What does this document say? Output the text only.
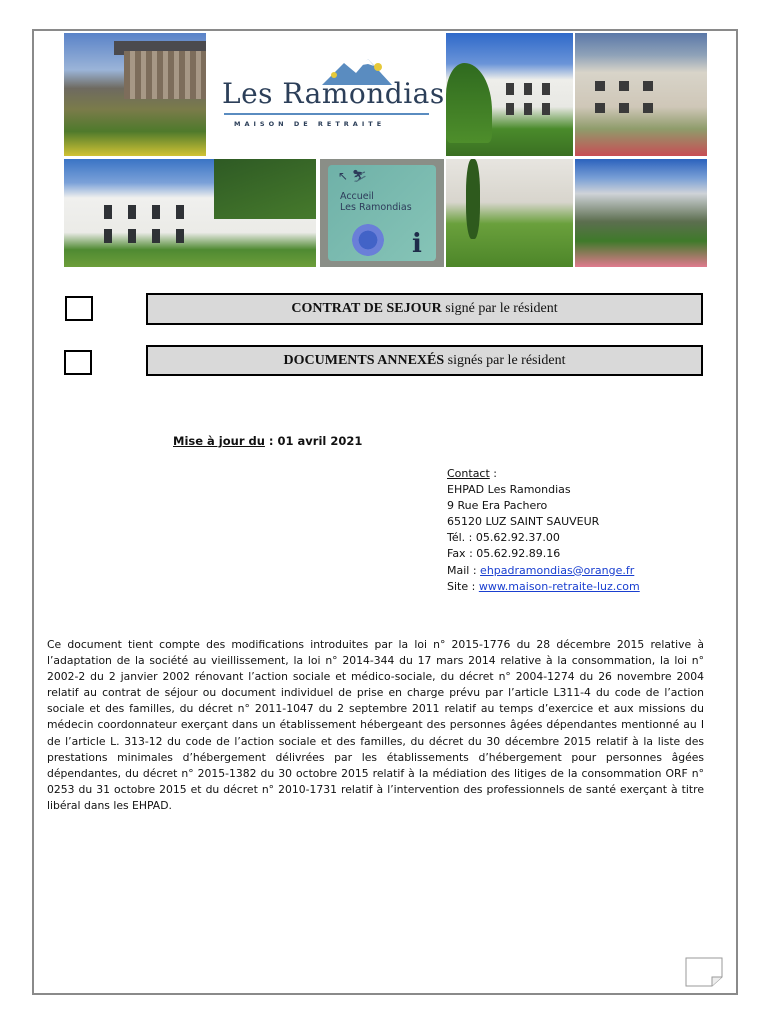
Les Ramondias
MAISON DE RETRAITE
↖ ⛷
Accueil
Les Ramondias
i
CONTRAT DE SEJOUR signé par le résident
DOCUMENTS ANNEXÉS signés par le résident
Mise à jour du : 01 avril 2021
Contact :
EHPAD Les Ramondias
9 Rue Era Pachero
65120 LUZ SAINT SAUVEUR
Tél. : 05.62.92.37.00
Fax : 05.62.92.89.16
Mail : ehpadramondias@orange.fr
Site : www.maison-retraite-luz.com
Ce document tient compte des modifications introduites par la loi n° 2015-1776 du 28 décembre 2015 relative à l’adaptation de la société au vieillissement, la loi n° 2014-344 du 17 mars 2014 relative à la consommation, la loi n° 2002-2 du 2 janvier 2002 rénovant l’action sociale et médico-sociale, du décret n° 2004-1274 du 26 novembre 2004 relatif au contrat de séjour ou document individuel de prise en charge prévu par l’article L311-4 du code de l’action sociale et des familles, du décret n° 2011-1047 du 2 septembre 2011 relatif au temps d’exercice et aux missions du médecin coordonnateur exerçant dans un établissement hébergeant des personnes âgées dépendantes mentionné au I de l’article L. 313-12 du code de l’action sociale et des familles, du décret du 30 décembre 2015 relatif à la liste des prestations minimales d’hébergement délivrées par les établissements d’hébergement pour personnes âgées dépendantes, du décret n° 2015-1382 du 30 octobre 2015 relatif à la médiation des litiges de la consommation ORF n° 0253 du 31 octobre 2015 et du décret n° 2010-1731 relatif à l’intervention des professionnels de santé exerçant à titre libéral dans les EHPAD.
